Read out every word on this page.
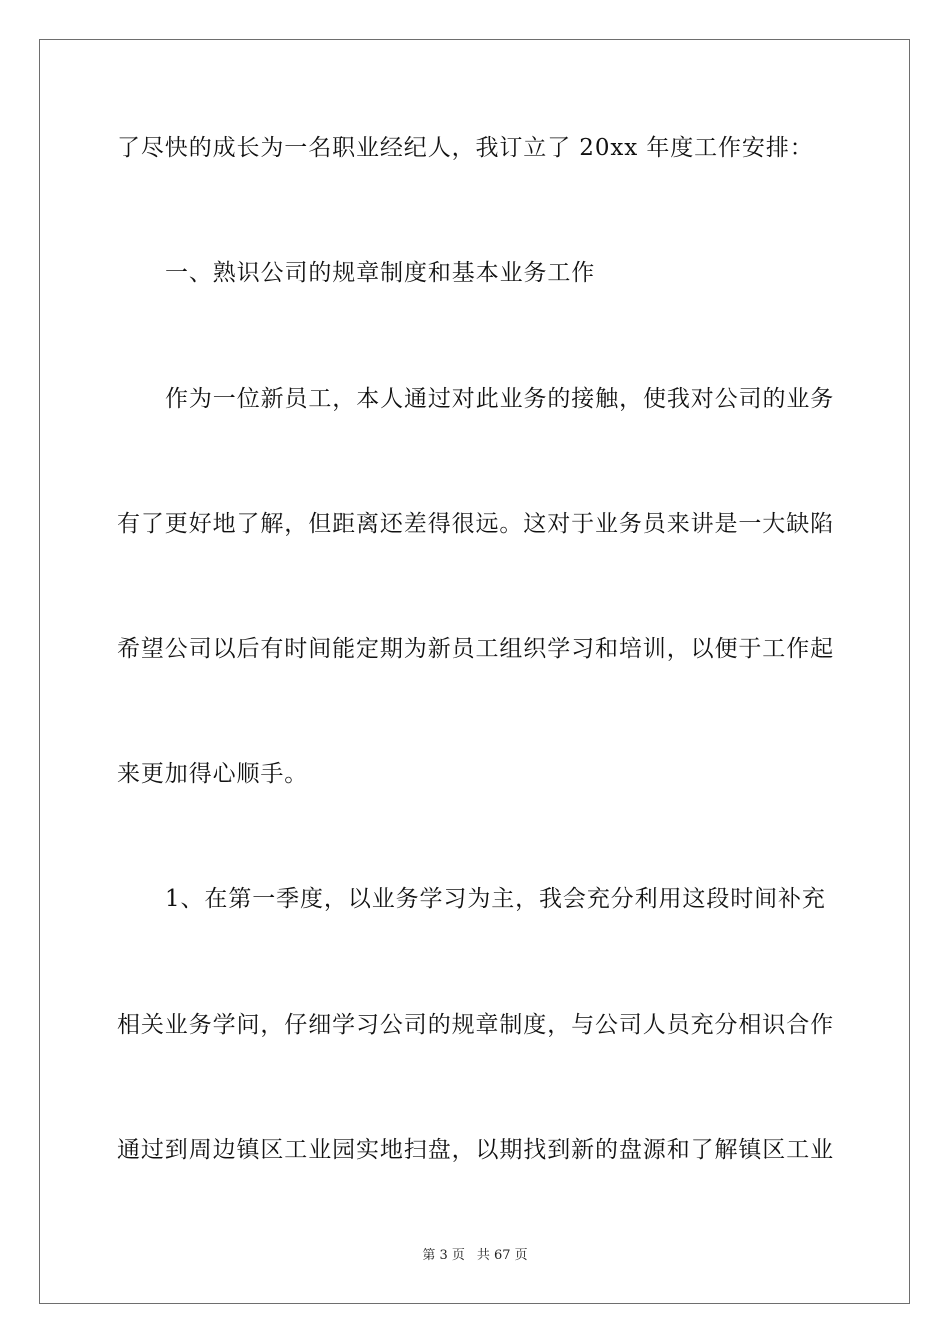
了尽快的成长为一名职业经纪人，我订立了 20xx 年度工作安排：
一、熟识公司的规章制度和基本业务工作
作为一位新员工，本人通过对此业务的接触，使我对公司的业务
有了更好地了解，但距离还差得很远。这对于业务员来讲是一大缺陷
希望公司以后有时间能定期为新员工组织学习和培训，以便于工作起
来更加得心顺手。
1、在第一季度，以业务学习为主，我会充分利用这段时间补充
相关业务学问，仔细学习公司的规章制度，与公司人员充分相识合作
通过到周边镇区工业园实地扫盘，以期找到新的盘源和了解镇区工业
第 3 页 共 67 页
